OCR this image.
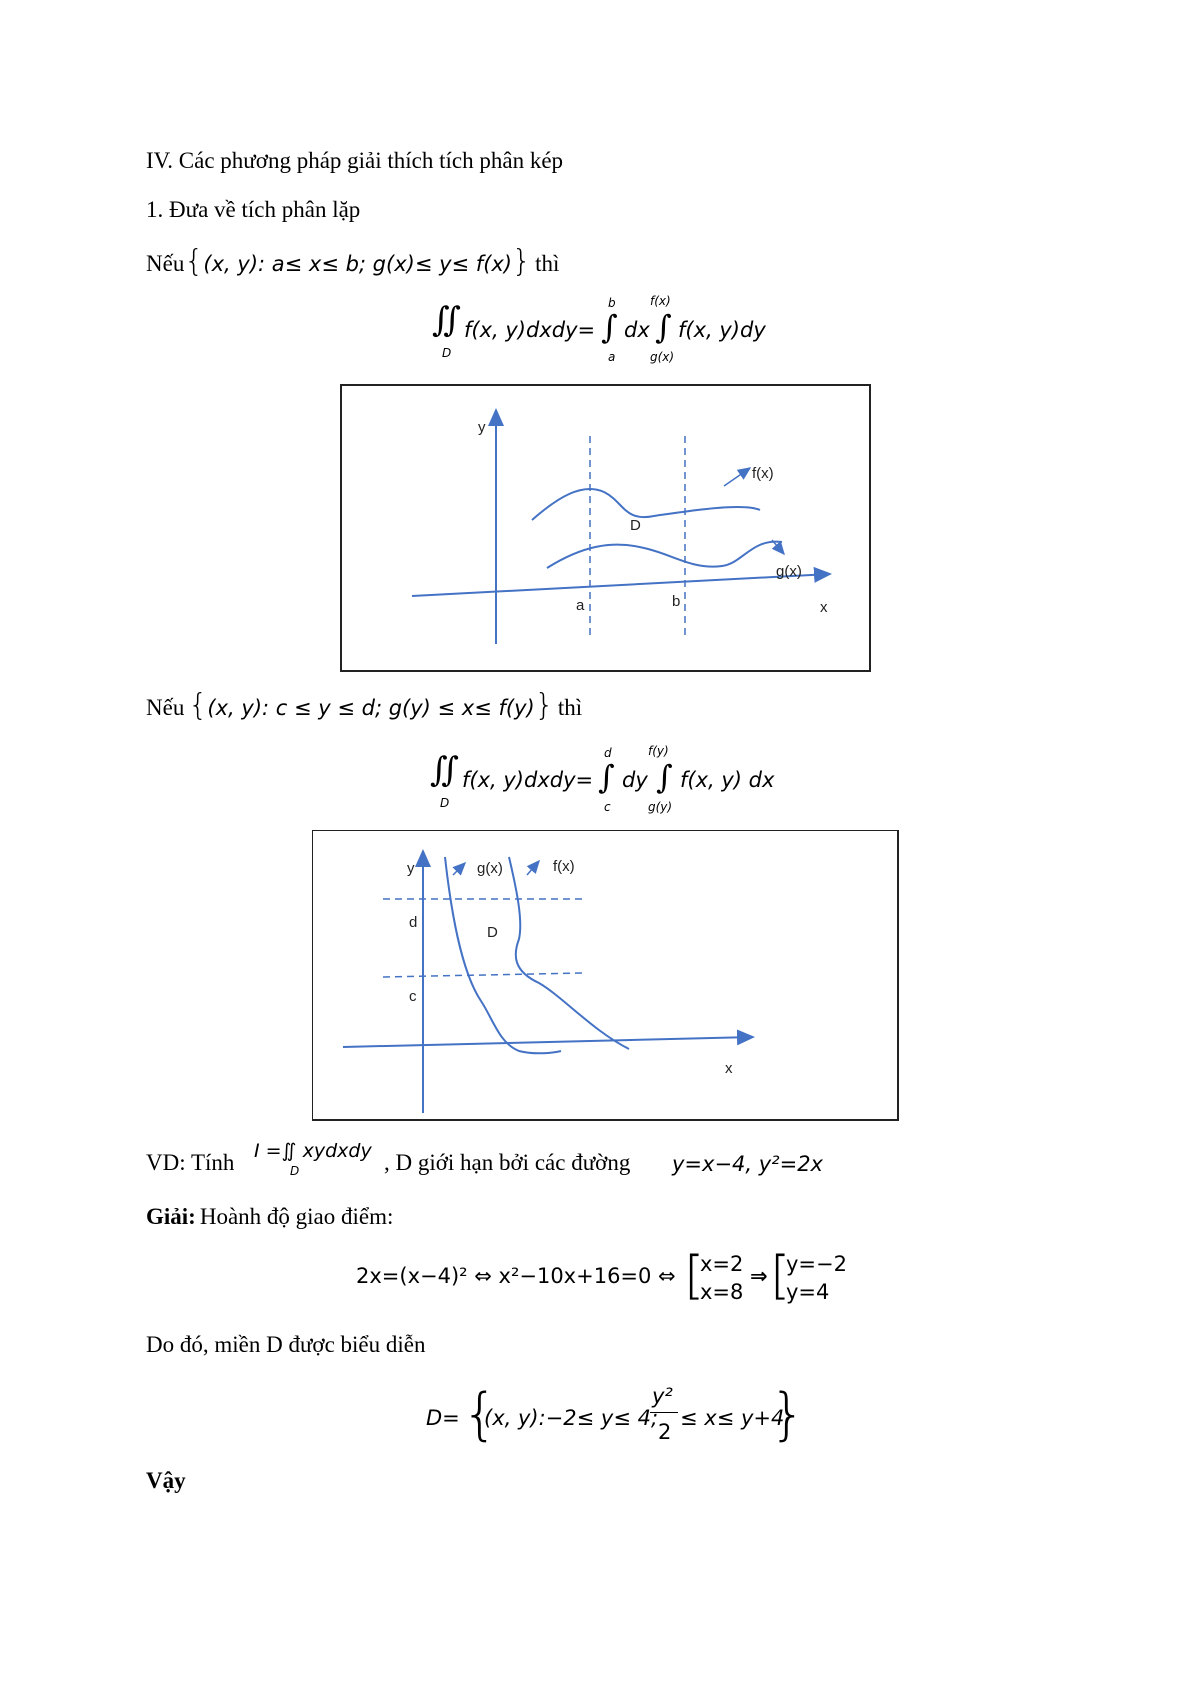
IV. Các phương pháp giải thích tích phân kép
1. Đưa về tích phân lặp
Nếu{(x, y): a≤ x≤ b; g(x)≤ y≤ f(x)} thì
∬
D
f(x, y)dxdy=
b
∫
a
dx
f(x)
∫
g(x)
f(x, y)dy
y
x
a	b
D
f(x)
g(x)
Nếu {(x, y): c ≤ y ≤ d; g(y) ≤ x≤ f(y)} thì
∬
D
f(x, y)dxdy=
d
∫
c
dy
f(y)
∫
g(y)
f(x, y) dx
y
x
d
c
D
g(x)	f(x)
VD: Tính I =∬ xydxdy
D	, D giới hạn bởi các đường y=x−4, y²=2x
Giải: Hoành độ giao điểm:
2x=(x−4)² ⇔ x²−10x+16=0 ⇔ [
x=2
x=8
⇒ [
y=−2
y=4
Do đó, miền D được biểu diễn
D= {
(x, y):−2≤ y≤ 4;
y²
2
≤ x≤ y+4
}
Vậy
